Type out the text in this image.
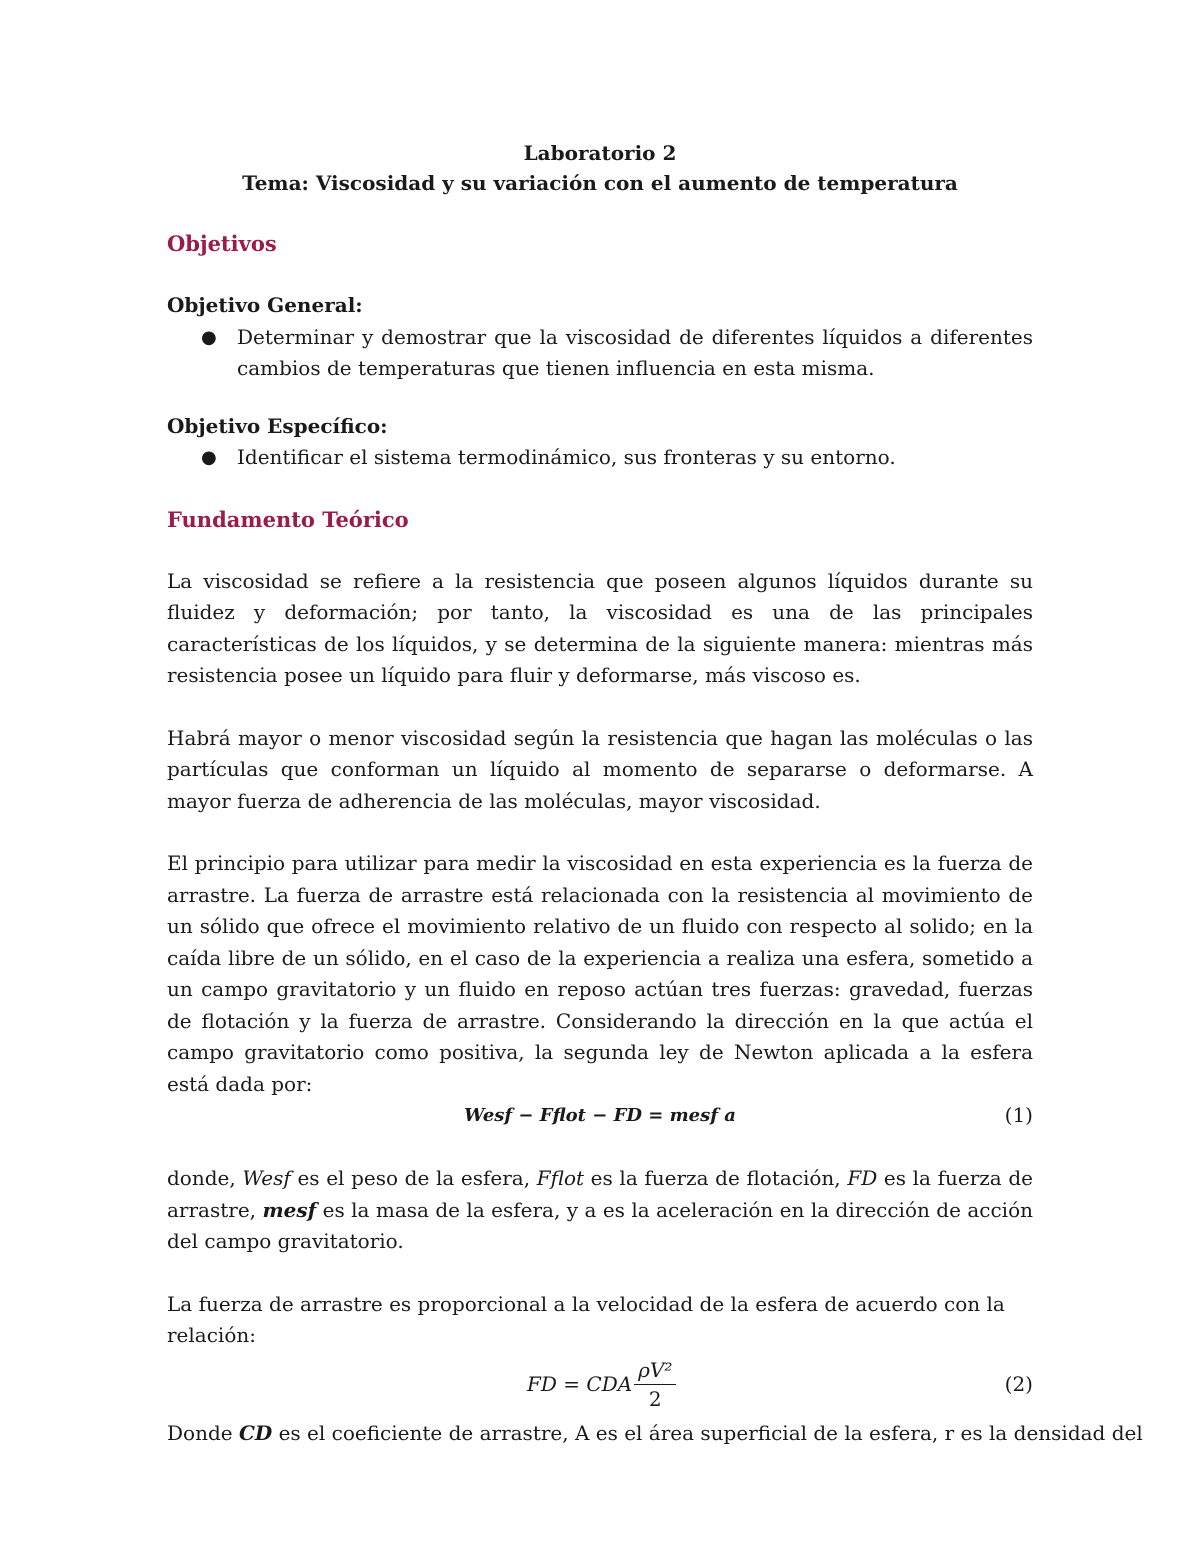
Laboratorio 2

Tema: Viscosidad y su variación con el aumento de temperatura

Objetivos

Objetivo General:

● Determinar y demostrar que la viscosidad de diferentes líquidos a diferentes cambios de temperaturas que tienen influencia en esta misma.

Objetivo Específico:

● Identificar el sistema termodinámico, sus fronteras y su entorno.

Fundamento Teórico

La viscosidad se refiere a la resistencia que poseen algunos líquidos durante su fluidez y deformación; por tanto, la viscosidad es una de las principales características de los líquidos, y se determina de la siguiente manera: mientras más resistencia posee un líquido para fluir y deformarse, más viscoso es.

Habrá mayor o menor viscosidad según la resistencia que hagan las moléculas o las partículas que conforman un líquido al momento de separarse o deformarse. A mayor fuerza de adherencia de las moléculas, mayor viscosidad.

El principio para utilizar para medir la viscosidad en esta experiencia es la fuerza de arrastre. La fuerza de arrastre está relacionada con la resistencia al movimiento de un sólido que ofrece el movimiento relativo de un fluido con respecto al solido; en la caída libre de un sólido, en el caso de la experiencia a realiza una esfera, sometido a un campo gravitatorio y un fluido en reposo actúan tres fuerzas: gravedad, fuerzas de flotación y la fuerza de arrastre. Considerando la dirección en la que actúa el campo gravitatorio como positiva, la segunda ley de Newton aplicada a la esfera está dada por:

Wesf − Fflot − FD = mesf a	(1)

donde, Wesf es el peso de la esfera, Fflot es la fuerza de flotación, FD es la fuerza de arrastre, mesf es la masa de la esfera, y a es la aceleración en la dirección de acción del campo gravitatorio.

La fuerza de arrastre es proporcional a la velocidad de la esfera de acuerdo con la relación:

FD = CDA $\frac{\text{ρV²}}{2}$	(2)

Donde CD es el coeficiente de arrastre, A es el área superficial de la esfera, r es la densidad del
